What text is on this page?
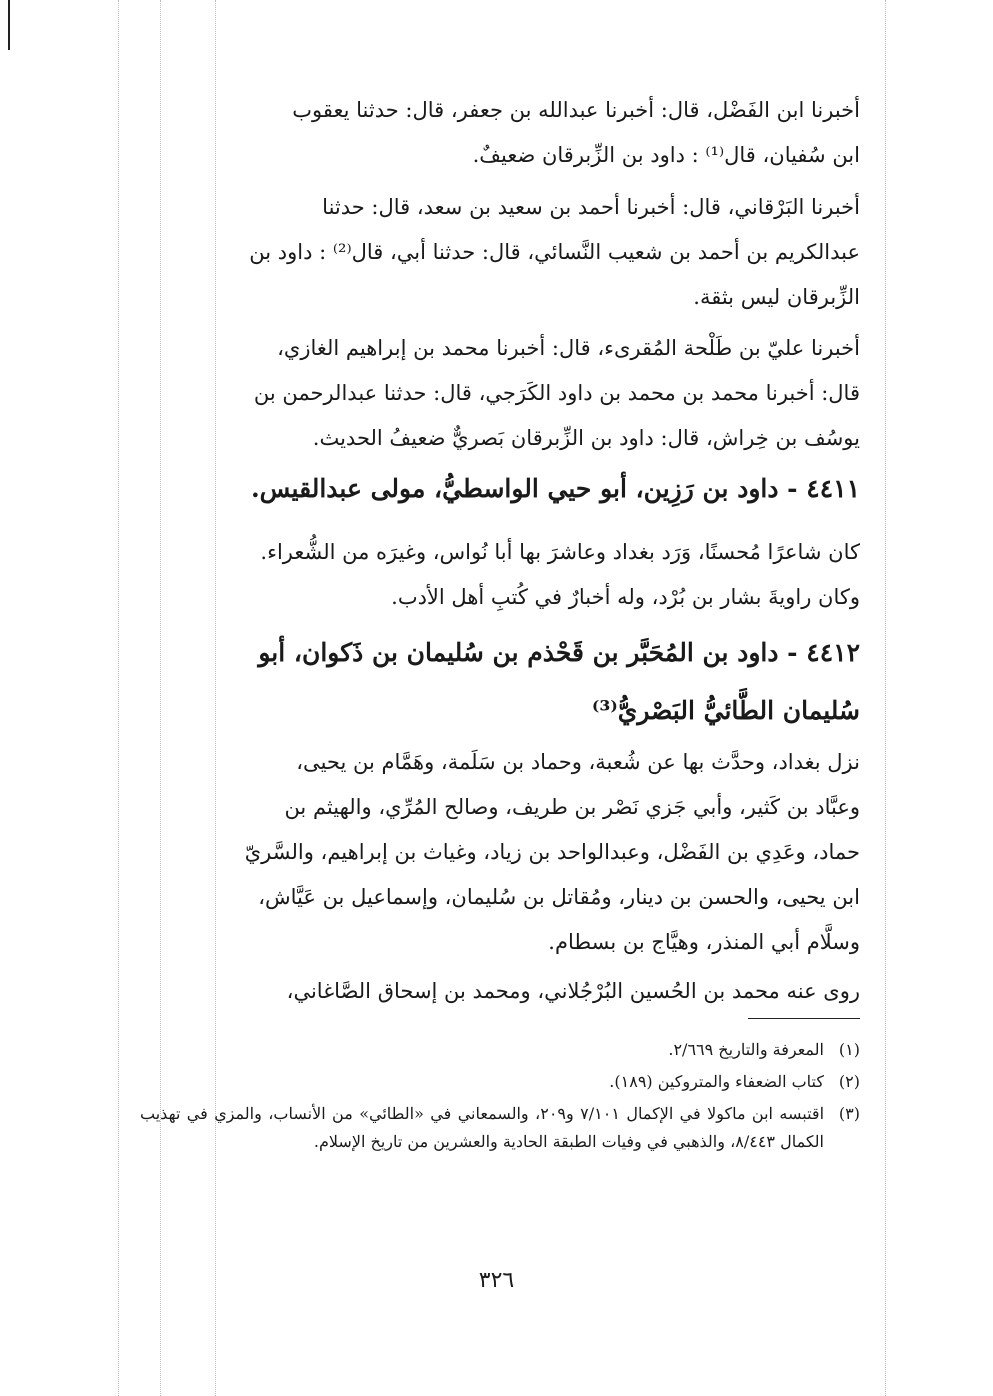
أخبرنا ابن الفَضْل، قال: أخبرنا عبدالله بن جعفر، قال: حدثنا يعقوب

ابن سُفيان، قال⁽¹⁾ : داود بن الزِّبرقان ضعيفٌ.

أخبرنا البَرْقاني، قال: أخبرنا أحمد بن سعيد بن سعد، قال: حدثنا

عبدالكريم بن أحمد بن شعيب النَّسائي، قال: حدثنا أبي، قال⁽²⁾ : داود بن

الزِّبرقان ليس بثقة.

أخبرنا عليّ بن طَلْحة المُقرىء، قال: أخبرنا محمد بن إبراهيم الغازي،

قال: أخبرنا محمد بن محمد بن داود الكَرَجي، قال: حدثنا عبدالرحمن بن

يوسُف بن خِراش، قال: داود بن الزِّبرقان بَصريٌّ ضعيفُ الحديث.

٤٤١١ - داود بن رَزِين، أبو حيي الواسطيُّ، مولى عبدالقيس.

كان شاعرًا مُحسنًا، وَرَد بغداد وعاشرَ بها أبا نُواس، وغيرَه من الشُّعراء.

وكان راويةَ بشار بن بُرْد، وله أخبارٌ في كُتبِ أهل الأدب.

٤٤١٢ - داود بن المُحَبَّر بن قَحْذم بن سُليمان بن ذَكوان، أبو
سُليمان الطَّائيُّ البَصْريُّ⁽³⁾

نزل بغداد، وحدَّث بها عن شُعبة، وحماد بن سَلَمة، وهَمَّام بن يحيى،

وعبَّاد بن كَثير، وأبي جَزي نَصْر بن طريف، وصالح المُرِّي، والهيثم بن

حماد، وعَدِي بن الفَضْل، وعبدالواحد بن زياد، وغياث بن إبراهيم، والسَّريّ

ابن يحيى، والحسن بن دينار، ومُقاتل بن سُليمان، وإسماعيل بن عَيَّاش،

وسلَّام أبي المنذر، وهيَّاج بن بسطام.

روى عنه محمد بن الحُسين البُرْجُلاني، ومحمد بن إسحاق الصَّاغاني،

(١)
المعرفة والتاريخ ٢/٦٦٩.
(٢)
كتاب الضعفاء والمتروكين (١٨٩).
(٣)
اقتبسه ابن ماكولا في الإكمال ٧/١٠١ و٢٠٩، والسمعاني في «الطائي» من الأنساب، والمزي في تهذيب الكمال ٨/٤٤٣، والذهبي في وفيات الطبقة الحادية والعشرين من تاريخ الإسلام.
٣٢٦
